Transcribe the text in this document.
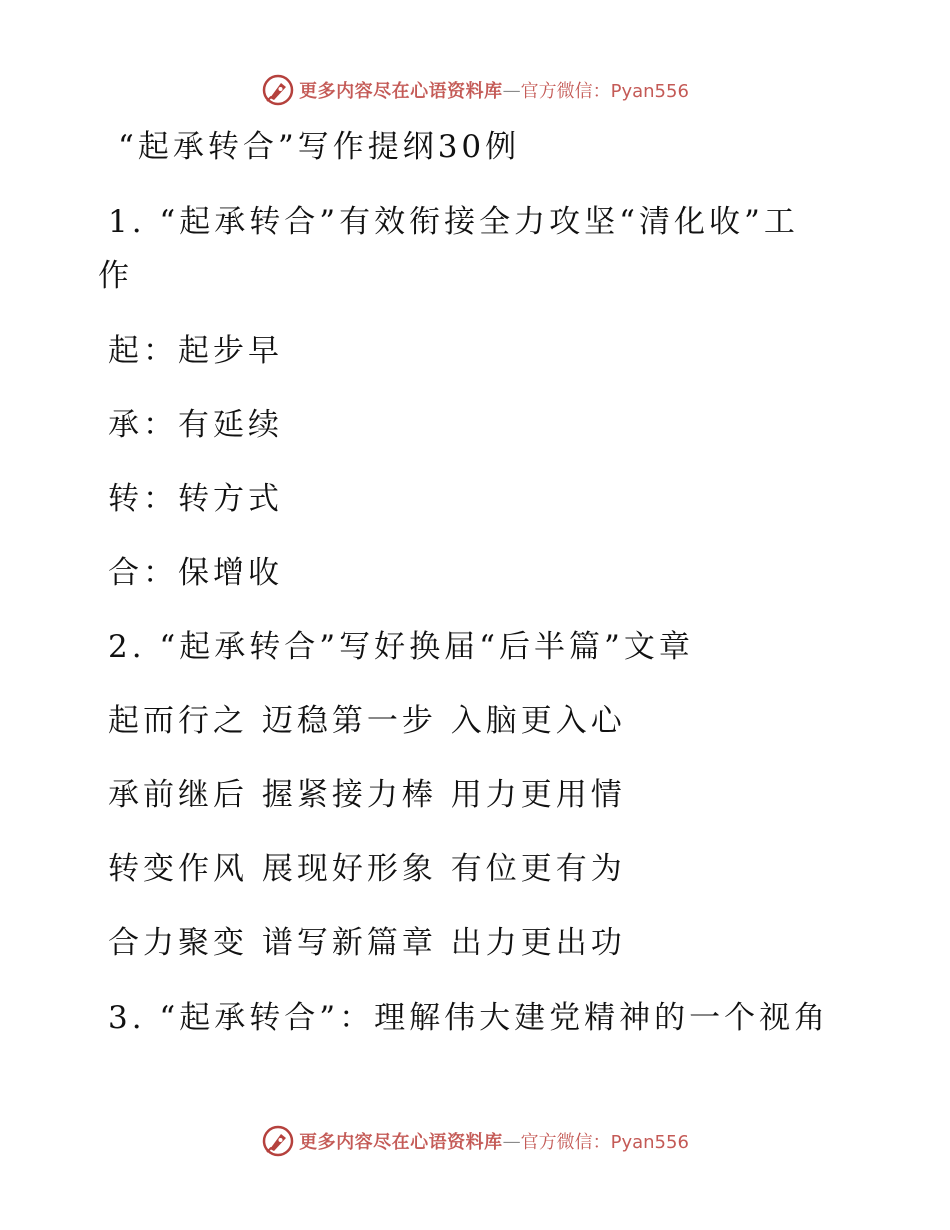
更多内容尽在心语资料库 — 官方微信：Pyan556
“起承转合”写作提纲30例
1. “起承转合”有效衔接全力攻坚“清化收”工
作
起：起步早
承：有延续
转：转方式
合：保增收
2. “起承转合”写好换届“后半篇”文章
起而行之 迈稳第一步 入脑更入心
承前继后 握紧接力棒 用力更用情
转变作风 展现好形象 有位更有为
合力聚变 谱写新篇章 出力更出功
3. “起承转合”：理解伟大建党精神的一个视角
更多内容尽在心语资料库 — 官方微信：Pyan556
